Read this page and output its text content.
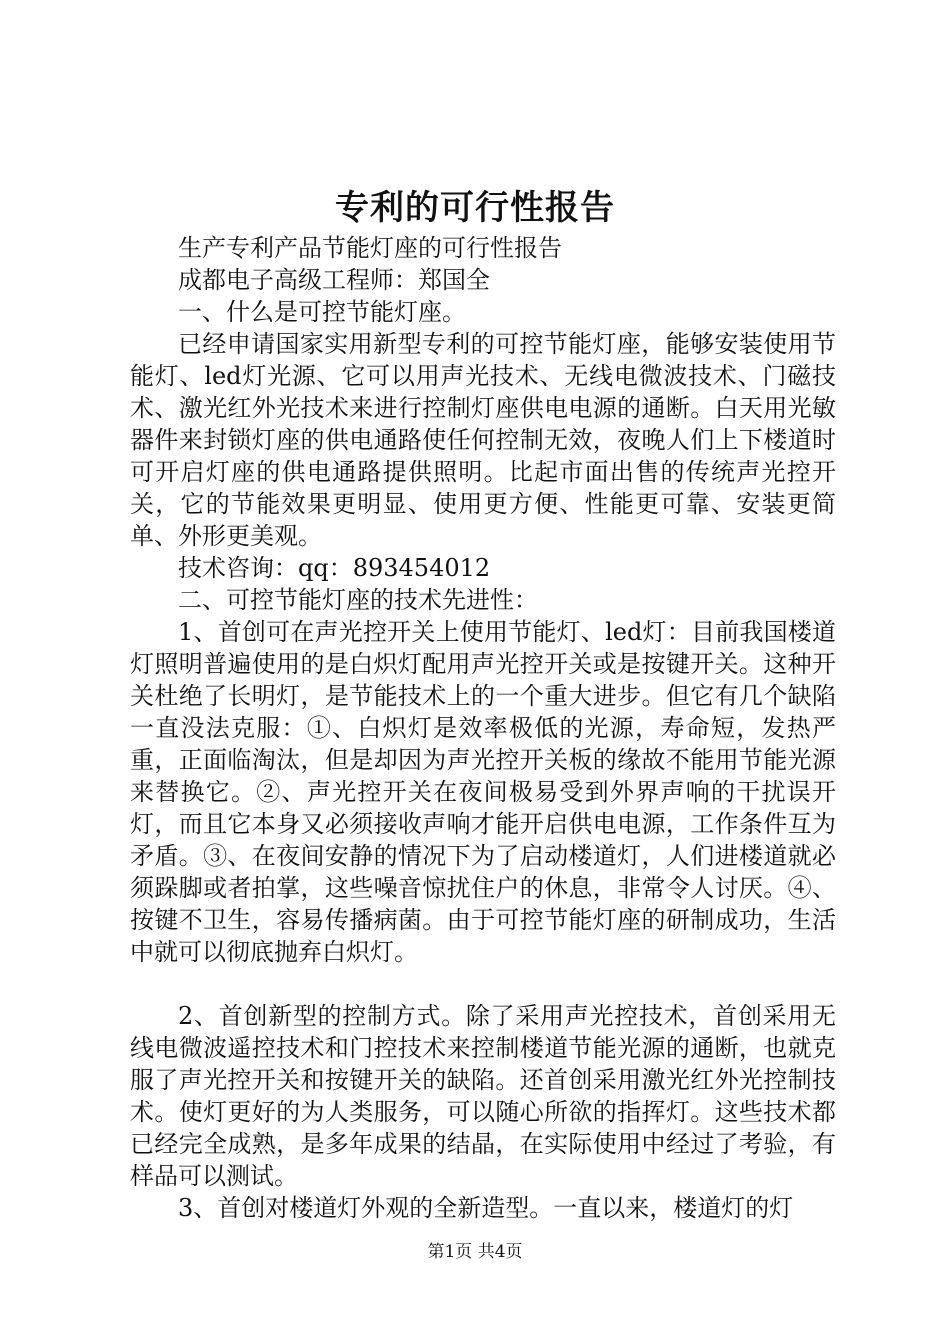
专利的可行性报告

生产专利产品节能灯座的可行性报告

成都电子高级工程师：郑国全

一、什么是可控节能灯座。

已经申请国家实用新型专利的可控节能灯座，能够安装使用节能灯、led灯光源、它可以用声光技术、无线电微波技术、门磁技术、激光红外光技术来进行控制灯座供电电源的通断。白天用光敏器件来封锁灯座的供电通路使任何控制无效，夜晚人们上下楼道时可开启灯座的供电通路提供照明。比起市面出售的传统声光控开关，它的节能效果更明显、使用更方便、性能更可靠、安装更简单、外形更美观。

技术咨询：qq：893454012

二、可控节能灯座的技术先进性：

1、首创可在声光控开关上使用节能灯、led灯：目前我国楼道灯照明普遍使用的是白炽灯配用声光控开关或是按键开关。这种开关杜绝了长明灯，是节能技术上的一个重大进步。但它有几个缺陷一直没法克服：①、白炽灯是效率极低的光源，寿命短，发热严重，正面临淘汰，但是却因为声光控开关板的缘故不能用节能光源来替换它。②、声光控开关在夜间极易受到外界声响的干扰误开灯，而且它本身又必须接收声响才能开启供电电源，工作条件互为矛盾。③、在夜间安静的情况下为了启动楼道灯，人们进楼道就必须跺脚或者拍掌，这些噪音惊扰住户的休息，非常令人讨厌。④、按键不卫生，容易传播病菌。由于可控节能灯座的研制成功，生活中就可以彻底抛弃白炽灯。

2、首创新型的控制方式。除了采用声光控技术，首创采用无线电微波遥控技术和门控技术来控制楼道节能光源的通断，也就克服了声光控开关和按键开关的缺陷。还首创采用激光红外光控制技术。使灯更好的为人类服务，可以随心所欲的指挥灯。这些技术都已经完全成熟，是多年成果的结晶，在实际使用中经过了考验，有样品可以测试。

3、首创对楼道灯外观的全新造型。一直以来，楼道灯的灯

第1页 共4页
